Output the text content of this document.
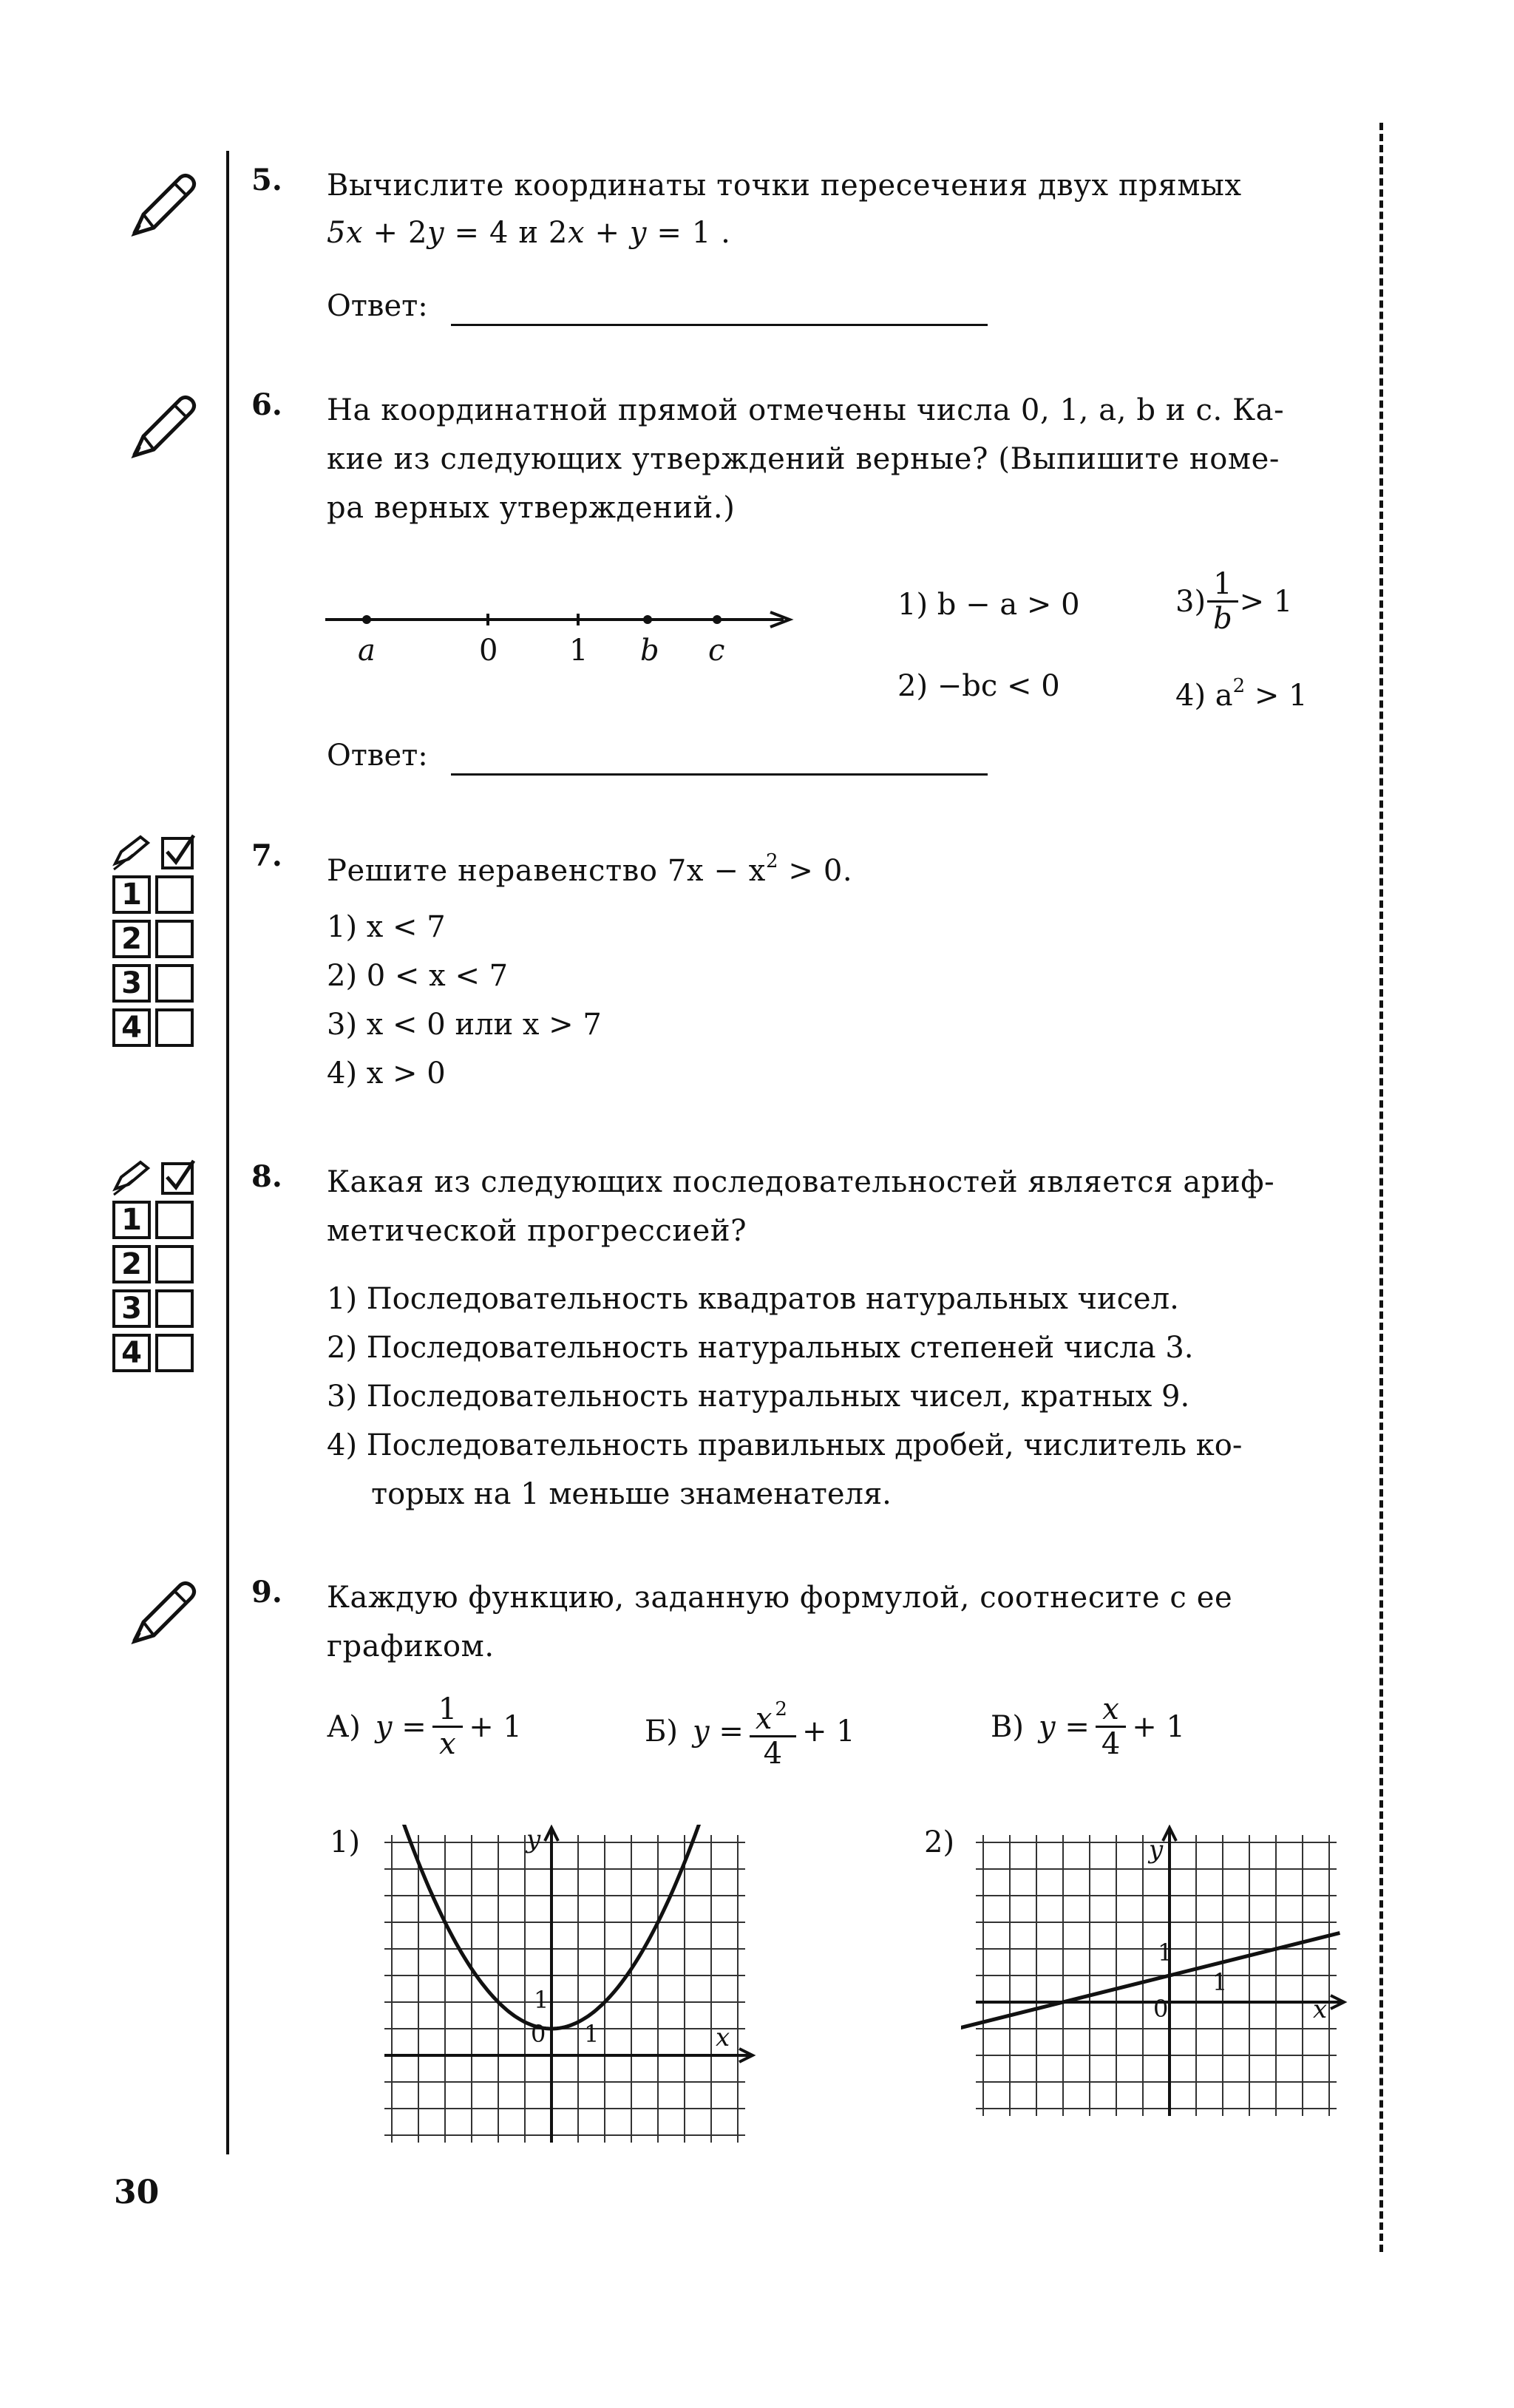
5. Вычислите координаты точки пересечения двух прямых
5x + 2y = 4 и 2x + y = 1 .
Ответ:
6. На координатной прямой отмечены числа 0, 1, a, b и c. Ка-
кие из следующих утверждений верные? (Выпишите номе-
ра верных утверждений.)
a	0 1 b c
1) b − a > 0
2) −bc < 0
$3) \frac{1}{b} > 1$
4) $a^2 > 1$
Ответ:
1
2
3
4
7. Решите неравенство $7x - x^2 > 0$.
1) x < 7
2) 0 < x < 7
3) x < 0 или x > 7
4) x > 0
1
2
3
4
8. Какая из следующих последовательностей является ариф-
метической прогрессией?
1) Последовательность квадратов натуральных чисел.
2) Последовательность натуральных степеней числа 3.
3) Последовательность натуральных чисел, кратных 9.
4) Последовательность правильных дробей, числитель ко-
торых на 1 меньше знаменателя.
9. Каждую функцию, заданную формулой, соотнесите с ее
графиком.
А) $y = \frac{1}{x} + 1$	Б) $y = \frac{x ^2}{4} + 1$	В) $y = \frac{x}{4} + 1$
1)	2)
y
x
0 1
1
y
x
0
1
1
30
